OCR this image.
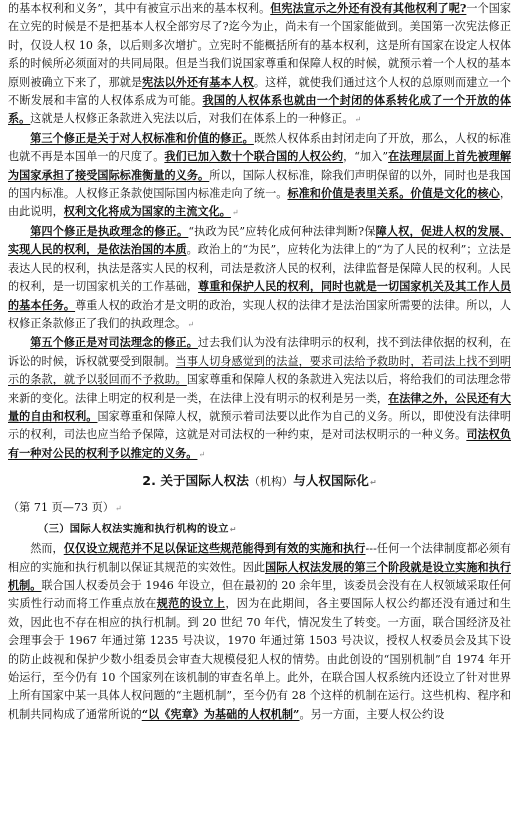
的基本权利和义务”，其中有被宣示出来的基本权利。但宪法宣示之外还有没有其他权利了呢?一个国家在立宪的时候是不是把基本人权全部穷尽了?迄今为止，尚未有一个国家能做到。美国第一次宪法修正时，仅设人权 10 条，以后则多次增扩。立宪时不能概括所有的基本权利，这是所有国家在设定人权体系的时候所必须面对的共同局限。但是当我们说国家尊重和保障人权的时候，就预示着一个人权的基本原则被确立下来了，那就是宪法以外还有基本人权。这样，就使我们通过这个人权的总原则而建立一个不断发展和丰富的人权体系成为可能。我国的人权体系也就由一个封闭的体系转化成了一个开放的体系。这就是人权修正条款进入宪法以后，对我们在体系上的一种修正。↵

第三个修正是关于对人权标准和价值的修正。既然人权体系由封闭走向了开放，那么，人权的标准也就不再是本国单一的尺度了。我们已加入数十个联合国的人权公约，“加入”在法理层面上首先被理解为国家承担了接受国际标准衡量的义务。所以，国际人权标准，除我们声明保留的以外，同时也是我国的国内标准。人权修正条款使国际国内标准走向了统一。标准和价值是表里关系。价值是文化的核心，由此说明，权利文化将成为国家的主流文化。↵

第四个修正是执政理念的修正。“执政为民”应转化成何种法律判断?保障人权，促进人权的发展、实现人民的权利，是依法治国的本质。政治上的“为民”，应转化为法律上的“为了人民的权利”；立法是表达人民的权利，执法是落实人民的权利，司法是救济人民的权利，法律监督是保障人民的权利。人民的权利，是一切国家机关的工作基础，尊重和保护人民的权利，同时也就是一切国家机关及其工作人员的基本任务。尊重人权的政治才是文明的政治，实现人权的法律才是法治国家所需要的法律。所以，人权修正条款修正了我们的执政理念。↵

第五个修正是对司法理念的修正。过去我们认为没有法律明示的权利，找不到法律依据的权利，在诉讼的时候，诉权就要受到限制。当事人切身感觉到的法益，要求司法给予救助时，若司法上找不到明示的条款，就予以驳回而不予救助。国家尊重和保障人权的条款进入宪法以后，将给我们的司法理念带来新的变化。法律上明定的权利是一类，在法律上没有明示的权利是另一类，在法律之外，公民还有大量的自由和权利。国家尊重和保障人权，就预示着司法要以此作为自己的义务。所以，即使没有法律明示的权利，司法也应当给予保障，这就是对司法权的一种约束，是对司法权明示的一种义务。司法权负有一种对公民的权利予以推定的义务。↵

2. 关于国际人权法（机构）与人权国际化↵

（第 71 页—73 页）↵

（三）国际人权法实施和执行机构的设立↵

然而，仅仅设立规范并不足以保证这些规范能得到有效的实施和执行---任何一个法律制度都必须有相应的实施和执行机制以保证其规范的实效性。因此国际人权法发展的第三个阶段就是设立实施和执行机制。联合国人权委员会于 1946 年设立，但在最初的 20 余年里，该委员会没有在人权领域采取任何实质性行动而将工作重点放在规范的设立上，因为在此期间，各主要国际人权公约都还没有通过和生效，因此也不存在相应的执行机制。到 20 世纪 70 年代，情况发生了转变。一方面，联合国经济及社会理事会于 1967 年通过第 1235 号决议，1970 年通过第 1503 号决议，授权人权委员会及其下设的防止歧视和保护少数小组委员会审查大规模侵犯人权的情势。由此创设的“国别机制”自 1974 年开始运行，至今仍有 10 个国家列在该机制的审查名单上。此外，在联合国人权系统内还设立了针对世界上所有国家中某一具体人权问题的“主题机制”，至今仍有 28 个这样的机制在运行。这些机构、程序和机制共同构成了通常所说的“以《宪章》为基础的人权机制”。另一方面，主要人权公约设
